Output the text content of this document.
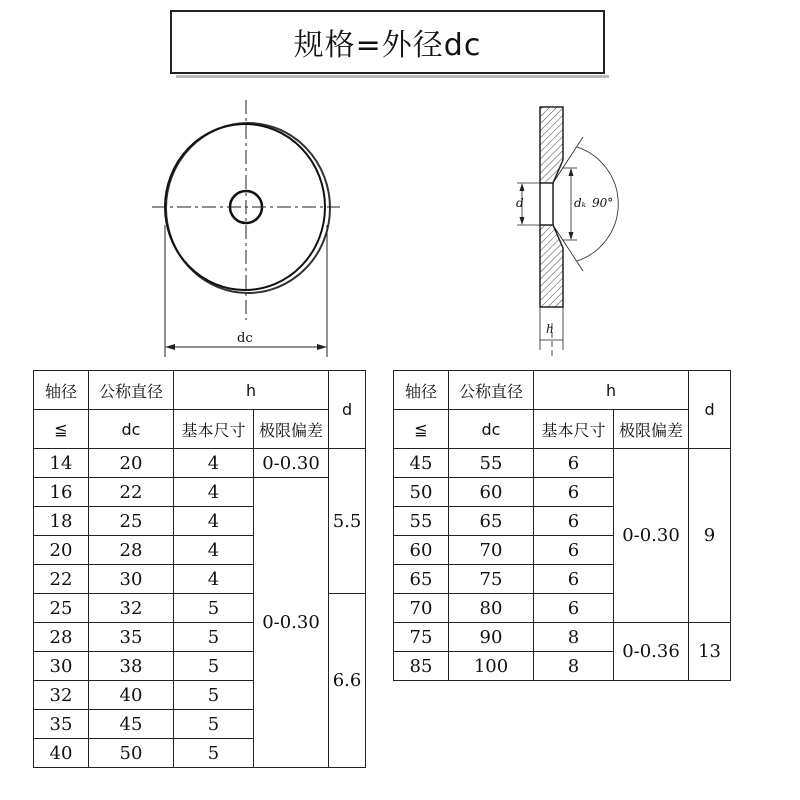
规格=外径dc
dc
d	dₖ 90°
h
轴径	公称直径	h		d
≦	dc	基本尺寸	极限偏差	
14	20	4	0-0.30	5.5
16	22	4	0-0.30	
18	25	4		
20	28	4		
22	30	4		
25	32	5		6.6
28	35	5		
30	38	5		
32	40	5		
35	45	5		
40	50	5		
轴径	公称直径	h		d
≦	dc	基本尺寸	极限偏差	
45	55	6	0-0.30	9
50	60	6		
55	65	6		
60	70	6		
65	75	6		
70	80	6		
75	90	8	0-0.36	13
85	100	8		
